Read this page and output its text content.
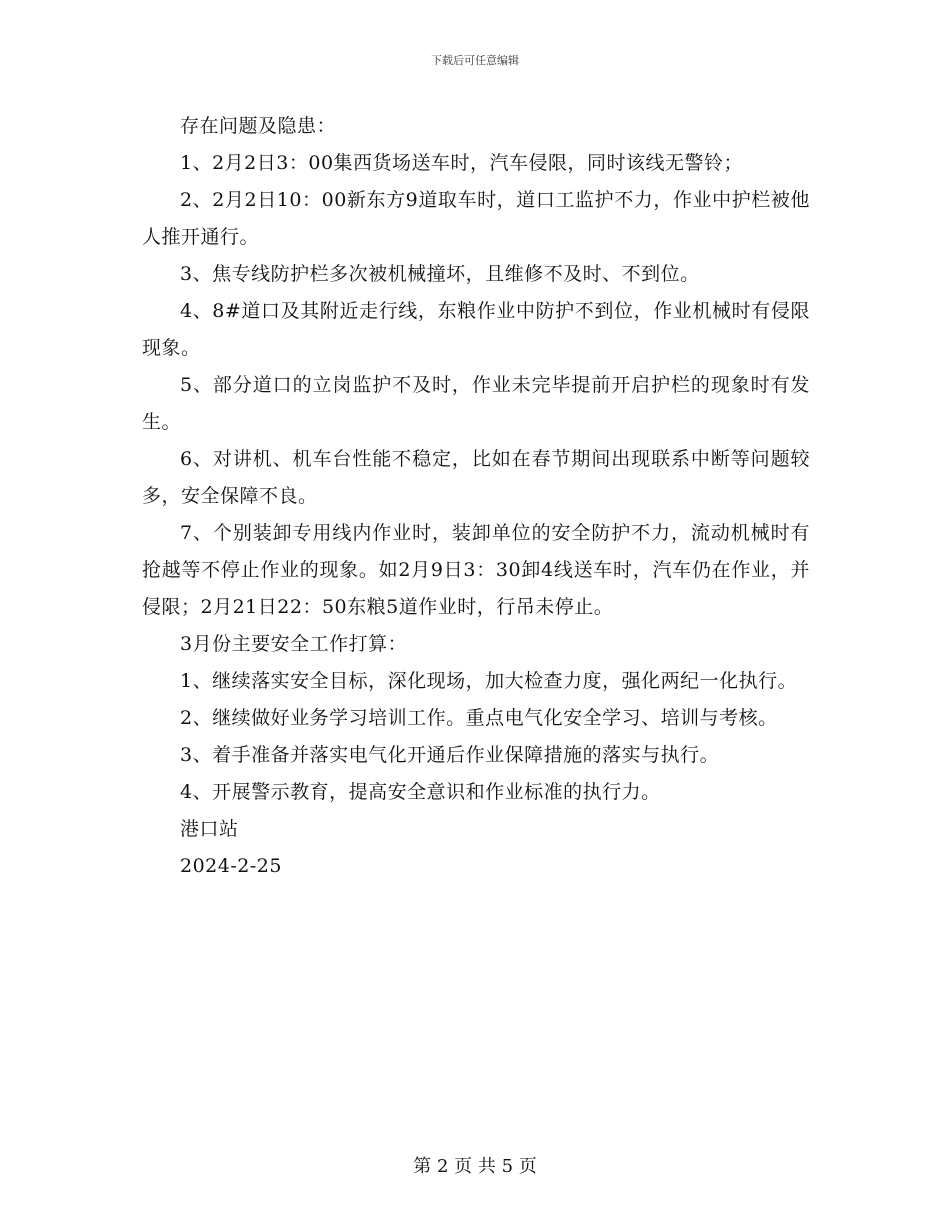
下载后可任意编辑

存在问题及隐患：

1、2月2日3：00集西货场送车时，汽车侵限，同时该线无警铃；

2、2月2日10：00新东方9道取车时，道口工监护不力，作业中护栏被他人推开通行。

3、焦专线防护栏多次被机械撞坏，且维修不及时、不到位。

4、8#道口及其附近走行线，东粮作业中防护不到位，作业机械时有侵限现象。

5、部分道口的立岗监护不及时，作业未完毕提前开启护栏的现象时有发生。

6、对讲机、机车台性能不稳定，比如在春节期间出现联系中断等问题较多，安全保障不良。

7、个别装卸专用线内作业时，装卸单位的安全防护不力，流动机械时有抢越等不停止作业的现象。如2月9日3：30卸4线送车时，汽车仍在作业，并侵限；2月21日22：50东粮5道作业时，行吊未停止。

3月份主要安全工作打算：

1、继续落实安全目标，深化现场，加大检查力度，强化两纪一化执行。

2、继续做好业务学习培训工作。重点电气化安全学习、培训与考核。

3、着手准备并落实电气化开通后作业保障措施的落实与执行。

4、开展警示教育，提高安全意识和作业标准的执行力。

港口站

2024-2-25

第 2 页 共 5 页
